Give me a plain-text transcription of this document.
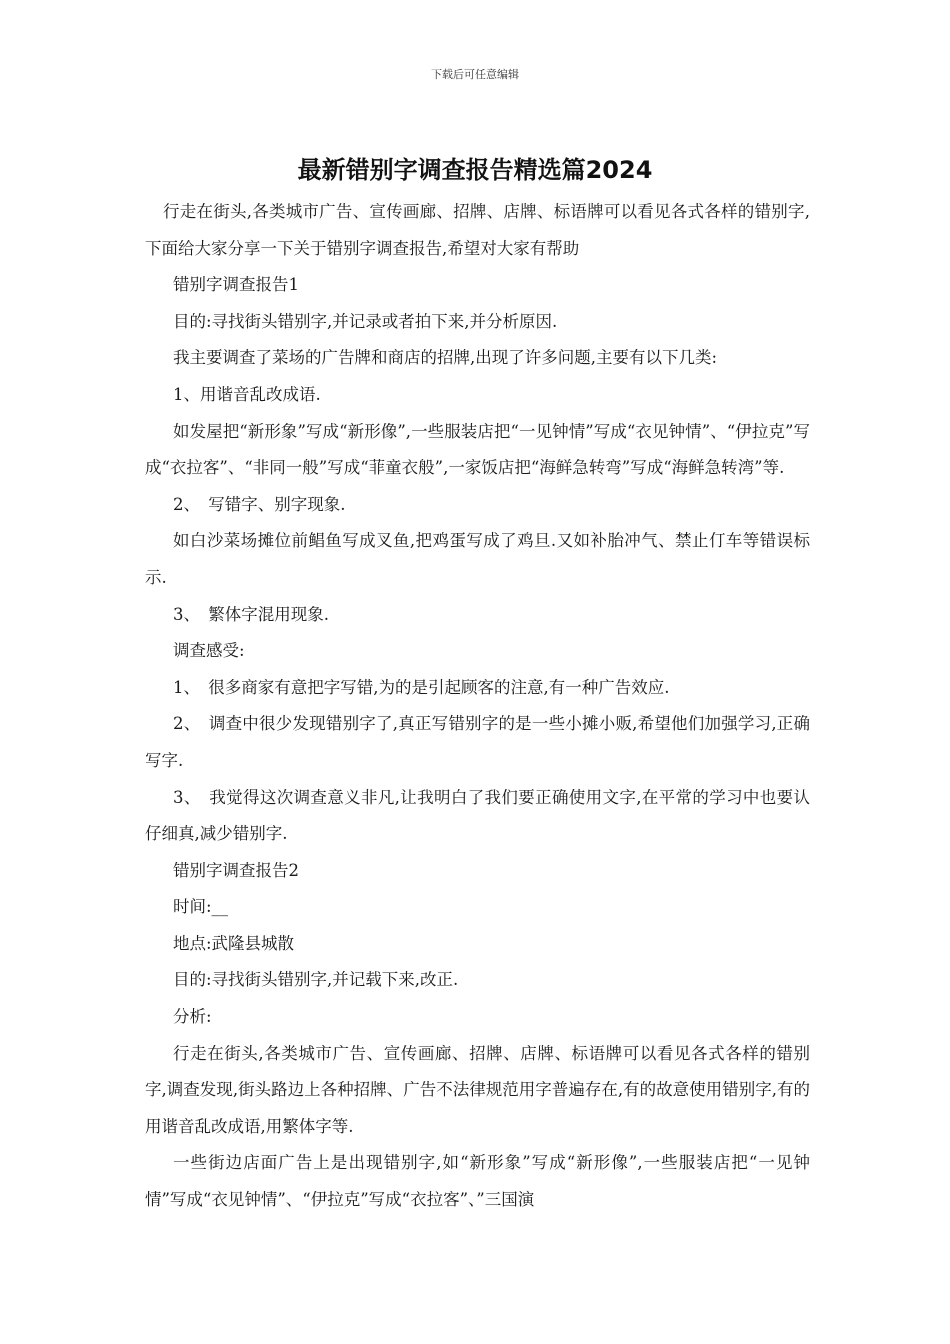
下载后可任意编辑
最新错别字调查报告精选篇2024

行走在街头,各类城市广告、宣传画廊、招牌、店牌、标语牌可以看见各式各样的错别字,下面给大家分享一下关于错别字调查报告,希望对大家有帮助

错别字调查报告1

目的:寻找街头错别字,并记录或者拍下来,并分析原因.

我主要调查了菜场的广告牌和商店的招牌,出现了许多问题,主要有以下几类:

1、用谐音乱改成语.

如发屋把“新形象”写成“新形像”,一些服装店把“一见钟情”写成“衣见钟情”、“伊拉克”写成“衣拉客”、“非同一般”写成“菲童衣般”,一家饭店把“海鲜急转弯”写成“海鲜急转湾”等.

2、　写错字、别字现象.

如白沙菜场摊位前鲳鱼写成叉鱼,把鸡蛋写成了鸡旦.又如补胎冲气、禁止仃车等错误标示.

3、　繁体字混用现象.

调查感受:

1、　很多商家有意把字写错,为的是引起顾客的注意,有一种广告效应.

2、　调查中很少发现错别字了,真正写错别字的是一些小摊小贩,希望他们加强学习,正确写字.

3、　我觉得这次调查意义非凡,让我明白了我们要正确使用文字,在平常的学习中也要认仔细真,减少错别字.

错别字调查报告2

时间:__

地点:武隆县城散

目的:寻找街头错别字,并记载下来,改正.

分析:

行走在街头,各类城市广告、宣传画廊、招牌、店牌、标语牌可以看见各式各样的错别字,调查发现,街头路边上各种招牌、广告不法律规范用字普遍存在,有的故意使用错别字,有的用谐音乱改成语,用繁体字等.

一些街边店面广告上是出现错别字,如“新形象”写成“新形像”,一些服装店把“一见钟情”写成“衣见钟情”、“伊拉克”写成“衣拉客”、”三国演
